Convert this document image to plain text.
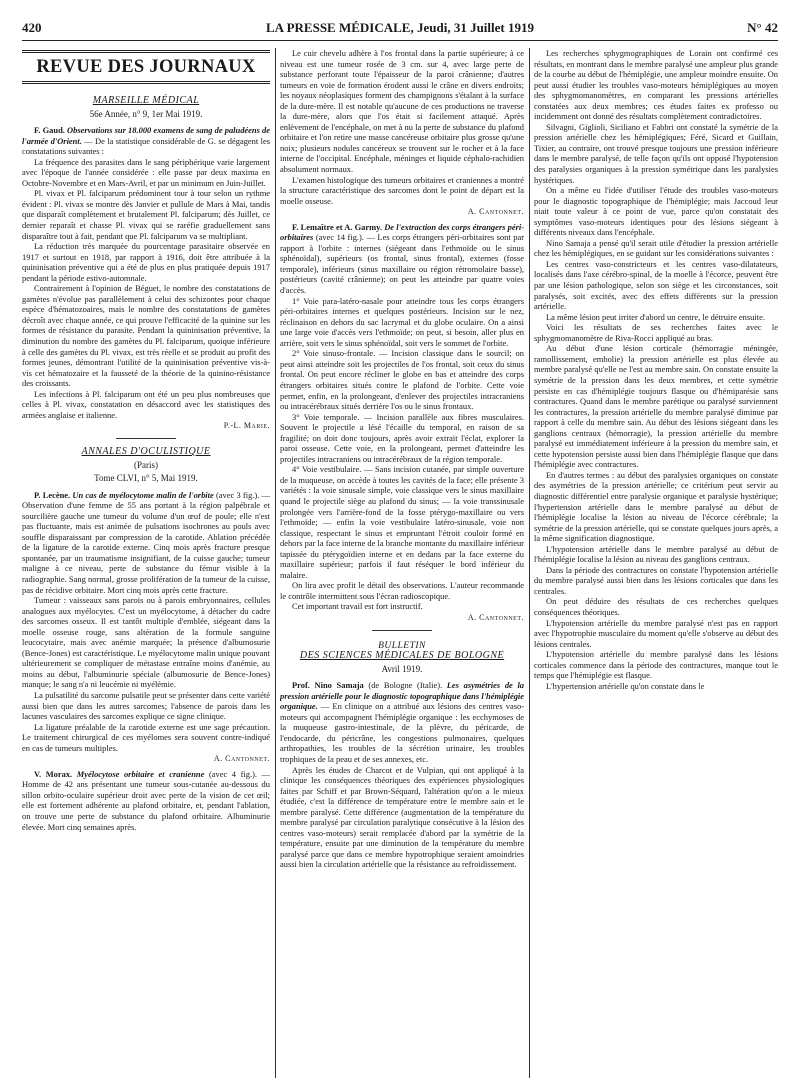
420	LA PRESSE MÉDICALE, Jeudi, 31 Juillet 1919	N° 42
REVUE DES JOURNAUX
MARSEILLE MÉDICAL
56e Année, n° 9, 1er Mai 1919.

F. Gaud. Observations sur 18.000 examens de sang de paludéens de l'armée d'Orient. — De la statistique considérable de G. se dégagent les constatations suivantes :

La fréquence des parasites dans le sang périphérique varie largement avec l'époque de l'année considérée : elle passe par deux maxima en Octobre-Novembre et en Mars-Avril, et par un minimum en Juin-Juillet.

Pl. vivax et Pl. falciparum prédominent tour à tour selon un rythme évident : Pl. vivax se montre dès Janvier et pullule de Mars à Mai, tandis que disparaît complètement et brutalement Pl. falciparum; dès Juillet, ce dernier reparaît et chasse Pl. vivax qui se raréfie graduellement sans disparaître tout à fait, pendant que Pl. falciparum va se multipliant.

La réduction très marquée du pourcentage parasitaire observée en 1917 et surtout en 1918, par rapport à 1916, doit être attribuée à la quininisation préventive qui a été de plus en plus pratiquée depuis 1917 pendant la période estivo-automnale.

Contrairement à l'opinion de Béguet, le nombre des constatations de gamètes n'évolue pas parallèlement à celui des schizontes pour chaque espèce d'hématozoaires, mais le nombre des constatations de gamètes décroît avec chaque année, ce qui prouve l'efficacité de la quinine sur les formes de résistance du parasite. Pendant la quininisation préventive, la diminution du nombre des gamètes du Pl. falciparum, quoique inférieure à celle des gamètes du Pl. vivax, est très réelle et se produit au profit des formes jeunes, démontrant l'utilité de la quininisation préventive vis-à-vis cet hématozaire et la fausseté de la théorie de la quinino-résistance des croissants.

Les infections à Pl. falciparum ont été un peu plus nombreuses que celles à Pl. vivax, constatation en désaccord avec les statistiques des armées anglaise et italienne.

P.-L. Marie.
ANNALES D'OCULISTIQUE
(Paris)
Tome CLVI, n° 5, Mai 1919.

P. Lecène. Un cas de myélocytome malin de l'orbite (avec 3 fig.). — Observation d'une femme de 55 ans portant à la région palpébrale et sourcilière gauche une tumeur du volume d'un œuf de poule; elle n'est pas fluctuante, mais est animée de pulsations isochrones au pouls avec souffle disparaissant par compression de la carotide. Ablation précédée de la ligature de la carotide externe. Cinq mois après fracture presque spontanée, par un traumatisme insignifiant, de la cuisse gauche; tumeur maligne à ce niveau, perte de substance du fémur visible à la radiographie. Sang normal, grosse prolifération de la tumeur de la cuisse, pas de récidive orbitaire. Mort cinq mois après cette fracture.

Tumeur : vaisseaux sans parois ou à parois embryonnaires, cellules analogues aux myélocytes. C'est un myélocytome, à détacher du cadre des sarcomes osseux. Il est tantôt multiple d'emblée, siégeant dans la moelle osseuse rouge, sans altération de la formule sanguine leucocytaire, mais avec anémie marquée; la présence d'albumosurie (Bence-Jones) est caractéristique. Le myélocytome malin unique pouvant ultérieurement se compliquer de métastase entraîne moins d'anémie, au moins au début, l'albuminurie spéciale (albumosurie de Bence-Jones) manque; le sang n'a ni leucémie ni myélémie.

La pulsatilité du sarcome pulsatile peut se présenter dans cette variété aussi bien que dans les autres sarcomes; l'absence de parois dans les lacunes vasculaires des sarcomes explique ce signe clinique.

La ligature préalable de la carotide externe est une sage précaution. Le traitement chirurgical de ces myélomes sera souvent contre-indiqué en cas de tumeurs multiples.

A. Cantonnet.

V. Morax. Myélocytose orbitaire et cranienne (avec 4 fig.). — Homme de 42 ans présentant une tumeur sous-cutanée au-dessous du sillon orbito-oculaire supérieur droit avec perte de la vision de cet œil; elle est fortement adhérente au plafond orbitaire, et, pendant l'ablation, on trouve une perte de substance du plafond orbitaire. Albuminurie élevée. Mort cinq semaines après.

Le cuir chevelu adhère à l'os frontal dans la partie supérieure; à ce niveau est une tumeur rosée de 3 cm. sur 4, avec large perte de substance perforant toute l'épaisseur de la paroi crânienne; d'autres tumeurs en voie de formation érodent aussi le crâne en divers endroits; les noyaux néoplasiques forment des champignons s'étalant à la surface de la dure-mère. Il est notable qu'aucune de ces productions ne traverse la dure-mère, alors que l'os était si facilement attaqué. Après enlèvement de l'encéphale, on met à nu la perte de substance du plafond orbitaire et l'on retire une masse cancéreuse orbitaire plus grosse qu'une noix; plusieurs nodules cancéreux se trouvent sur le rocher et à la face interne de l'occipital. Encéphale, méninges et liquide céphalo-rachidien absolument normaux.

L'examen histologique des tumeurs orbitaires et craniennes a montré la structure caractéristique des sarcomes dont le point de départ est la moelle osseuse.

A. Cantonnet.

F. Lemaître et A. Garmy. De l'extraction des corps étrangers péri-orbitaires (avec 14 fig.). — Les corps étrangers péri-orbitaires sont par rapport à l'orbite : internes (siégeant dans l'ethmoïde ou le sinus sphénoïdal), supérieurs (os frontal, sinus frontal), externes (fosse temporale), inférieurs (sinus maxillaire ou région rétromolaire basse), postérieurs (cavité crânienne); on peut les atteindre par quatre voies d'accès.

1° Voie para-latéro-nasale pour atteindre tous les corps étrangers péri-orbitaires internes et quelques postérieurs. Incision sur le nez, réclinaison en dehors du sac lacrymal et du globe oculaire. On a ainsi une large voie d'accès vers l'ethmoïde; on peut, si besoin, aller plus en arrière, soit vers le sinus sphénoïdal, soit vers le sommet de l'orbite.

2° Voie sinuso-frontale. — Incision classique dans le sourcil; on peut ainsi atteindre soit les projectiles de l'os frontal, soit ceux du sinus frontal. On peut encore récliner le globe en bas et atteindre des corps étrangers orbitaires situés contre le plafond de l'orbite. Cette voie permet, enfin, en la prolongeant, d'enlever des projectiles intracraniens ou intracérébraux situés derrière l'os ou le sinus frontaux.

3° Voie temporale. — Incision parallèle aux fibres musculaires. Souvent le projectile a lésé l'écaille du temporal, en raison de sa fragilité; on doit donc toujours, après avoir extrait l'éclat, explorer la paroi osseuse. Cette voie, en la prolongeant, permet d'atteindre les projectiles intracraniens ou intracérébraux de la région temporale.

4° Voie vestibulaire. — Sans incision cutanée, par simple ouverture de la muqueuse, on accède à toutes les cavités de la face; elle présente 3 variétés : la voie sinusale simple, voie classique vers le sinus maxillaire quand le projectile siège au plafond du sinus; — la voie transsinusale prolongée vers l'arrière-fond de la fosse ptérygo-maxillaire ou vers l'ethmoïde; — enfin la voie vestibulaire latéro-sinusale, voie non classique, respectant le sinus et empruntant l'étroit couloir formé en dehors par la face interne de la branche montante du maxillaire inférieur tapissée du ptérygoïdien interne et en dedans par la face externe du maxillaire supérieur; parfois il faut réséquer le bord inférieur du malaire.

On lira avec profit le détail des observations. L'auteur recommande le contrôle intermittent sous l'écran radioscopique.

Cet important travail est fort instructif.

A. Cantonnet.
BULLETIN
DES SCIENCES MÉDICALES DE BOLOGNE
Avril 1919.

Prof. Nino Samaja (de Bologne (Italie). Les asymétries de la pression artérielle pour le diagnostic topographique dans l'hémiplégie organique. — En clinique on a attribué aux lésions des centres vaso-moteurs qui accompagnent l'hémiplégie organique : les ecchymoses de la muqueuse gastro-intestinale, de la plèvre, du péricarde, de l'endocarde, du péricrâne, les congestions pulmonaires, quelques arthropathies, les troubles de la sécrétion urinaire, les troubles trophiques de la peau et de ses annexes, etc.

Après les études de Charcot et de Vulpian, qui ont appliqué à la clinique les conséquences théoriques des expériences physiologiques faites par Schiff et par Brown-Séquard, l'altération qu'on a le mieux étudiée, c'est la différence de température entre le membre sain et le membre paralysé. Cette différence (augmentation de la température du membre paralysé par circulation paralytique consécutive à la lésion des centres vaso-moteurs) serait remplacée d'abord par la symétrie de la température, ensuite par une diminution de la température du membre paralysé parce que dans ce membre hypotrophique seraient amoindries aussi bien la circulation artérielle que la résistance au refroidissement.

Les recherches sphygmographiques de Lorain ont confirmé ces résultats, en montrant dans le membre paralysé une ampleur plus grande de la courbe au début de l'hémiplégie, une ampleur moindre ensuite. On peut aussi étudier les troubles vaso-moteurs hémiplégiques au moyen des sphygmomanomètres, en comparant les pressions artérielles constatées aux deux membres; ces études faites ex professo ou incidemment ont donné des résultats complètement contradictoires.

Silvagni, Giglioli, Siciliano et Fabbri ont constaté la symétrie de la pression artérielle chez les hémiplégiques; Féré, Sicard et Guillain, Tixier, au contraire, ont trouvé presque toujours une pression inférieure dans le membre paralysé, de telle façon qu'ils ont opposé l'hypotension des paralysies organiques à la pression symétrique dans les paralysies hystériques.

On a même eu l'idée d'utiliser l'étude des troubles vaso-moteurs pour le diagnostic topographique de l'hémiplégie; mais Jaccoud leur niait toute valeur à ce point de vue, parce qu'on constatait des symptômes vaso-moteurs identiques pour des lésions siégeant à différents niveaux dans l'encéphale.

Nino Samaja a pensé qu'il serait utile d'étudier la pression artérielle chez les hémiplégiques, en se guidant sur les considérations suivantes :

Les centres vaso-constricteurs et les centres vaso-dilatateurs, localisés dans l'axe cérébro-spinal, de la moelle à l'écorce, peuvent être par une lésion pathologique, selon son siège et les circonstances, soit paralysés, soit excités, avec des effets différents sur la pression artérielle.

La même lésion peut irriter d'abord un centre, le détruire ensuite.

Voici les résultats de ses recherches faites avec le sphygmomanomètre de Riva-Rocci appliqué au bras.

Au début d'une lésion corticale (hémorragie méningée, ramollissement, embolie) la pression artérielle est plus élevée au membre paralysé qu'elle ne l'est au membre sain. On constate ensuite la symétrie de la pression dans les deux membres, et cette symétrie persiste en cas d'hémiplégie toujours flasque ou d'hémiparésie sans contractures. Quand dans le membre parétique ou paralysé surviennent les contractures, la pression artérielle du membre paralysé diminue par rapport à celle du membre sain. Au début des lésions siégeant dans les ganglions centraux (hémorragie), la pression artérielle du membre paralysé est immédiatement inférieure à la pression du membre sain, et cette hypotension persiste aussi bien dans l'hémiplégie flasque que dans l'hémiplégie avec contractures.

En d'autres termes : au début des paralysies organiques on constate des asymétries de la pression artérielle; ce critérium peut servir au diagnostic différentiel entre paralysie organique et paralysie hystérique; l'hypertension artérielle dans le membre paralysé au début de l'hémiplégie localise la lésion au niveau de l'écorce cérébrale; la symétrie de la pression artérielle, qui se constate quelques jours après, a la même signification diagnostique.

L'hypotension artérielle dans le membre paralysé au début de l'hémiplégie localise la lésion au niveau des ganglions centraux.

Dans la période des contractures on constate l'hypotension artérielle du membre paralysé aussi bien dans les lésions corticales que dans les centrales.

On peut déduire des résultats de ces recherches quelques conséquences théoriques.

L'hypotension artérielle du membre paralysé n'est pas en rapport avec l'hypotrophie musculaire du moment qu'elle s'observe au début des lésions centrales.

L'hypotension artérielle du membre paralysé dans les lésions corticales commence dans la période des contractures, manque tout le temps que l'hémiplégie est flasque.

L'hypertension artérielle qu'on constate dans le
